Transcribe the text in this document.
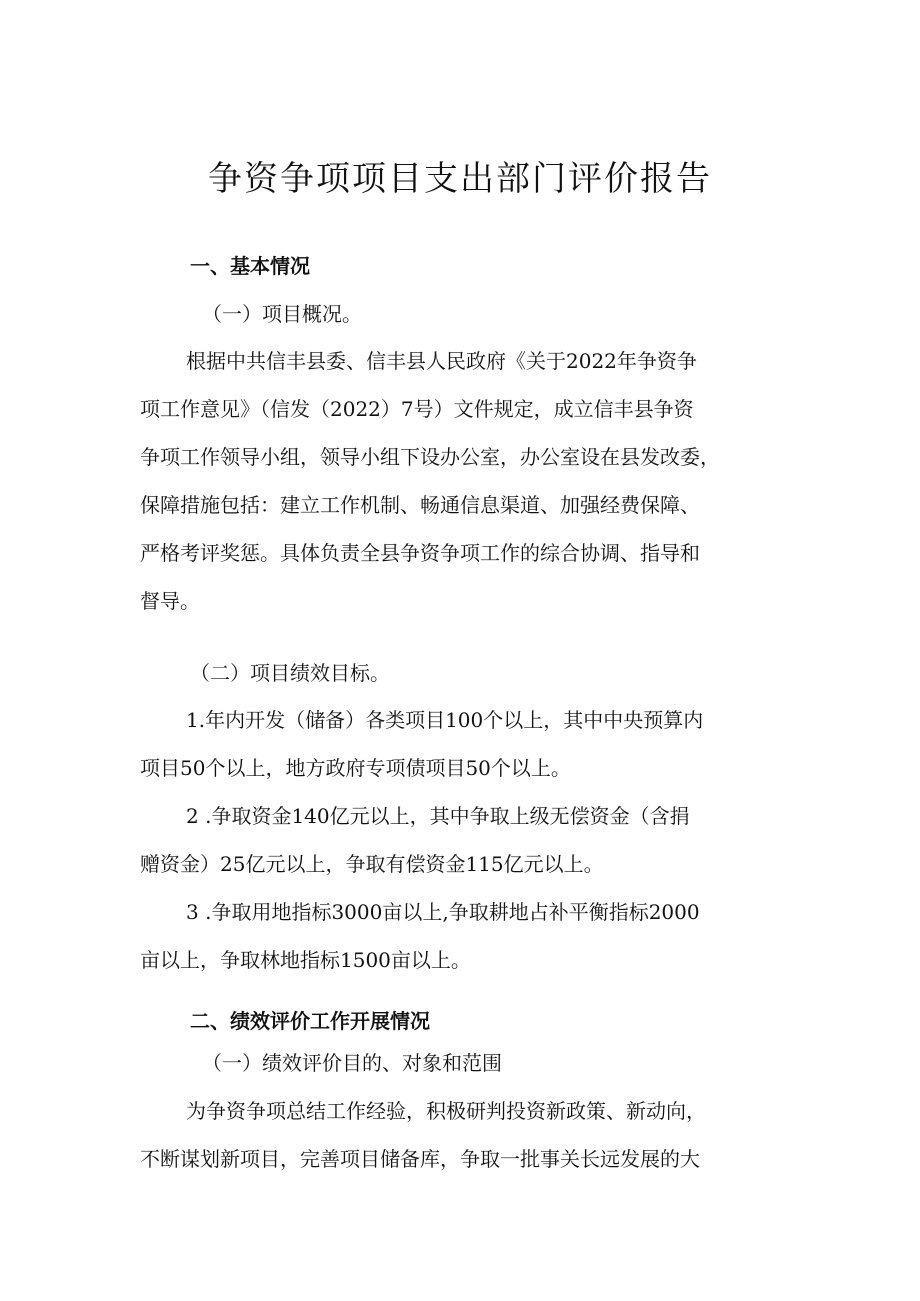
争资争项项目支出部门评价报告
一、基本情况
（一）项目概况。
根据中共信丰县委、信丰县人民政府《关于2022年争资争
项工作意见》（信发（2022）7号）文件规定，成立信丰县争资
争项工作领导小组，领导小组下设办公室，办公室设在县发改委，
保障措施包括：建立工作机制、畅通信息渠道、加强经费保障、
严格考评奖惩。具体负责全县争资争项工作的综合协调、指导和
督导。
（二）项目绩效目标。
1.年内开发（储备）各类项目100个以上，其中中央预算内
项目50个以上，地方政府专项债项目50个以上。
2 .争取资金140亿元以上，其中争取上级无偿资金（含捐
赠资金）25亿元以上，争取有偿资金115亿元以上。
3 .争取用地指标3000亩以上,争取耕地占补平衡指标2000
亩以上，争取林地指标1500亩以上。
二、绩效评价工作开展情况
（一）绩效评价目的、对象和范围
为争资争项总结工作经验，积极研判投资新政策、新动向，
不断谋划新项目，完善项目储备库，争取一批事关长远发展的大
